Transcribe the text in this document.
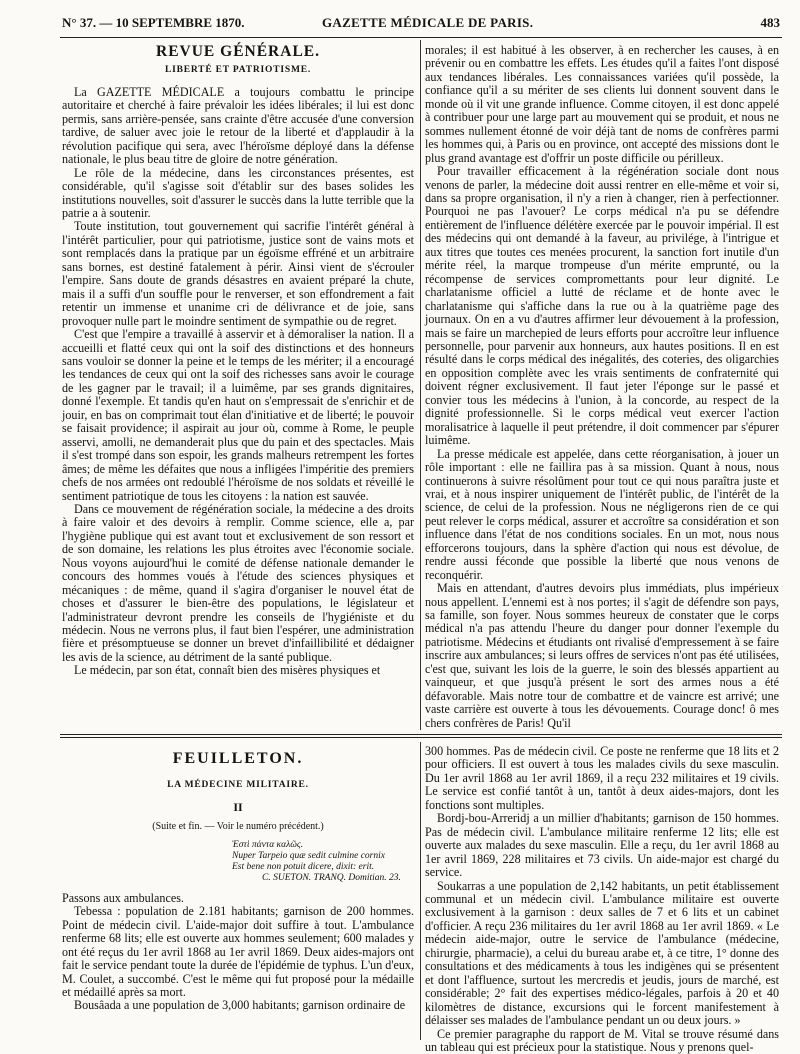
N° 37. — 10 SEPTEMBRE 1870.	GAZETTE MÉDICALE DE PARIS.	483
REVUE GÉNÉRALE.
LIBERTÉ ET PATRIOTISME.

La GAZETTE MÉDICALE a toujours combattu le principe autoritaire et cherché à faire prévaloir les idées libérales; il lui est donc permis, sans arrière-pensée, sans crainte d'être accusée d'une conversion tardive, de saluer avec joie le retour de la liberté et d'applaudir à la révolution pacifique qui sera, avec l'héroïsme déployé dans la défense nationale, le plus beau titre de gloire de notre génération.

Le rôle de la médecine, dans les circonstances présentes, est considérable, qu'il s'agisse soit d'établir sur des bases solides les institutions nouvelles, soit d'assurer le succès dans la lutte terrible que la patrie a à soutenir.

Toute institution, tout gouvernement qui sacrifie l'intérêt général à l'intérêt particulier, pour qui patriotisme, justice sont de vains mots et sont remplacés dans la pratique par un égoïsme effréné et un arbitraire sans bornes, est destiné fatalement à périr. Ainsi vient de s'écrouler l'empire. Sans doute de grands désastres en avaient préparé la chute, mais il a suffi d'un souffle pour le renverser, et son effondrement a fait retentir un immense et unanime cri de délivrance et de joie, sans provoquer nulle part le moindre sentiment de sympathie ou de regret.

C'est que l'empire a travaillé à asservir et à démoraliser la nation. Il a accueilli et flatté ceux qui ont la soif des distinctions et des honneurs sans vouloir se donner la peine et le temps de les mériter; il a encouragé les tendances de ceux qui ont la soif des richesses sans avoir le courage de les gagner par le travail; il a luimême, par ses grands dignitaires, donné l'exemple. Et tandis qu'en haut on s'empressait de s'enrichir et de jouir, en bas on comprimait tout élan d'initiative et de liberté; le pouvoir se faisait providence; il aspirait au jour où, comme à Rome, le peuple asservi, amolli, ne demanderait plus que du pain et des spectacles. Mais il s'est trompé dans son espoir, les grands malheurs retrempent les fortes âmes; de même les défaites que nous a infligées l'impéritie des premiers chefs de nos armées ont redoublé l'héroïsme de nos soldats et réveillé le sentiment patriotique de tous les citoyens : la nation est sauvée.

Dans ce mouvement de régénération sociale, la médecine a des droits à faire valoir et des devoirs à remplir. Comme science, elle a, par l'hygiène publique qui est avant tout et exclusivement de son ressort et de son domaine, les relations les plus étroites avec l'économie sociale. Nous voyons aujourd'hui le comité de défense nationale demander le concours des hommes voués à l'étude des sciences physiques et mécaniques : de même, quand il s'agira d'organiser le nouvel état de choses et d'assurer le bien-être des populations, le législateur et l'administrateur devront prendre les conseils de l'hygiéniste et du médecin. Nous ne verrons plus, il faut bien l'espérer, une administration fière et présomptueuse se donner un brevet d'infaillibilité et dédaigner les avis de la science, au détriment de la santé publique.

Le médecin, par son état, connaît bien des misères physiques et

morales; il est habitué à les observer, à en rechercher les causes, à en prévenir ou en combattre les effets. Les études qu'il a faites l'ont disposé aux tendances libérales. Les connaissances variées qu'il possède, la confiance qu'il a su mériter de ses clients lui donnent souvent dans le monde où il vit une grande influence. Comme citoyen, il est donc appelé à contribuer pour une large part au mouvement qui se produit, et nous ne sommes nullement étonné de voir déjà tant de noms de confrères parmi les hommes qui, à Paris ou en province, ont accepté des missions dont le plus grand avantage est d'offrir un poste difficile ou périlleux.

Pour travailler efficacement à la régénération sociale dont nous venons de parler, la médecine doit aussi rentrer en elle-même et voir si, dans sa propre organisation, il n'y a rien à changer, rien à perfectionner. Pourquoi ne pas l'avouer? Le corps médical n'a pu se défendre entièrement de l'influence délétère exercée par le pouvoir impérial. Il est des médecins qui ont demandé à la faveur, au privilége, à l'intrigue et aux titres que toutes ces menées procurent, la sanction fort inutile d'un mérite réel, la marque trompeuse d'un mérite emprunté, ou la récompense de services compromettants pour leur dignité. Le charlatanisme officiel a lutté de réclame et de honte avec le charlatanisme qui s'affiche dans la rue ou à la quatrième page des journaux. On en a vu d'autres affirmer leur dévouement à la profession, mais se faire un marchepied de leurs efforts pour accroître leur influence personnelle, pour parvenir aux honneurs, aux hautes positions. Il en est résulté dans le corps médical des inégalités, des coteries, des oligarchies en opposition complète avec les vrais sentiments de confraternité qui doivent régner exclusivement. Il faut jeter l'éponge sur le passé et convier tous les médecins à l'union, à la concorde, au respect de la dignité professionnelle. Si le corps médical veut exercer l'action moralisatrice à laquelle il peut prétendre, il doit commencer par s'épurer luimême.

La presse médicale est appelée, dans cette réorganisation, à jouer un rôle important : elle ne faillira pas à sa mission. Quant à nous, nous continuerons à suivre résolûment pour tout ce qui nous paraîtra juste et vrai, et à nous inspirer uniquement de l'intérêt public, de l'intérêt de la science, de celui de la profession. Nous ne négligerons rien de ce qui peut relever le corps médical, assurer et accroître sa considération et son influence dans l'état de nos conditions sociales. En un mot, nous nous efforcerons toujours, dans la sphère d'action qui nous est dévolue, de rendre aussi féconde que possible la liberté que nous venons de reconquérir.

Mais en attendant, d'autres devoirs plus immédiats, plus impérieux nous appellent. L'ennemi est à nos portes; il s'agit de défendre son pays, sa famille, son foyer. Nous sommes heureux de constater que le corps médical n'a pas attendu l'heure du danger pour donner l'exemple du patriotisme. Médecins et étudiants ont rivalisé d'empressement à se faire inscrire aux ambulances; si leurs offres de services n'ont pas été utilisées, c'est que, suivant les lois de la guerre, le soin des blessés appartient au vainqueur, et que jusqu'à présent le sort des armes nous a été défavorable. Mais notre tour de combattre et de vaincre est arrivé; une vaste carrière est ouverte à tous les dévouements. Courage donc! ô mes chers confrères de Paris! Qu'il

FEUILLETON.
LA MÉDECINE MILITAIRE.
II
(Suite et fin. — Voir le numéro précédent.)
Ἐστὶ πάντα καλῶς.
Nuper Tarpeio quæ sedit culmine cornix
Est bene non potuit dicere, dixit: erit.
C. SUETON. TRANQ. Domitian. 23.

Passons aux ambulances.

Tebessa : population de 2.181 habitants; garnison de 200 hommes. Point de médecin civil. L'aide-major doit suffire à tout. L'ambulance renferme 68 lits; elle est ouverte aux hommes seulement; 600 malades y ont été reçus du 1er avril 1868 au 1er avril 1869. Deux aides-majors ont fait le service pendant toute la durée de l'épidémie de typhus. L'un d'eux, M. Coulet, a succombé. C'est le même qui fut proposé pour la médaille et médaillé après sa mort.

Bousâada a une population de 3,000 habitants; garnison ordinaire de

300 hommes. Pas de médecin civil. Ce poste ne renferme que 18 lits et 2 pour officiers. Il est ouvert à tous les malades civils du sexe masculin. Du 1er avril 1868 au 1er avril 1869, il a reçu 232 militaires et 19 civils. Le service est confié tantôt à un, tantôt à deux aides-majors, dont les fonctions sont multiples.

Bordj-bou-Arreridj a un millier d'habitants; garnison de 150 hommes. Pas de médecin civil. L'ambulance militaire renferme 12 lits; elle est ouverte aux malades du sexe masculin. Elle a reçu, du 1er avril 1868 au 1er avril 1869, 228 militaires et 73 civils. Un aide-major est chargé du service.

Soukarras a une population de 2,142 habitants, un petit établissement communal et un médecin civil. L'ambulance militaire est ouverte exclusivement à la garnison : deux salles de 7 et 6 lits et un cabinet d'officier. A reçu 236 militaires du 1er avril 1868 au 1er avril 1869. « Le médecin aide-major, outre le service de l'ambulance (médecine, chirurgie, pharmacie), a celui du bureau arabe et, à ce titre, 1° donne des consultations et des médicaments à tous les indigènes qui se présentent et dont l'affluence, surtout les mercredis et jeudis, jours de marché, est considérable; 2° fait des expertises médico-légales, parfois à 20 et 40 kilomètres de distance, excursions qui le forcent manifestement à délaisser ses malades de l'ambulance pendant un ou deux jours. »

Ce premier paragraphe du rapport de M. Vital se trouve résumé dans un tableau qui est précieux pour la statistique. Nous y prenons quel-
